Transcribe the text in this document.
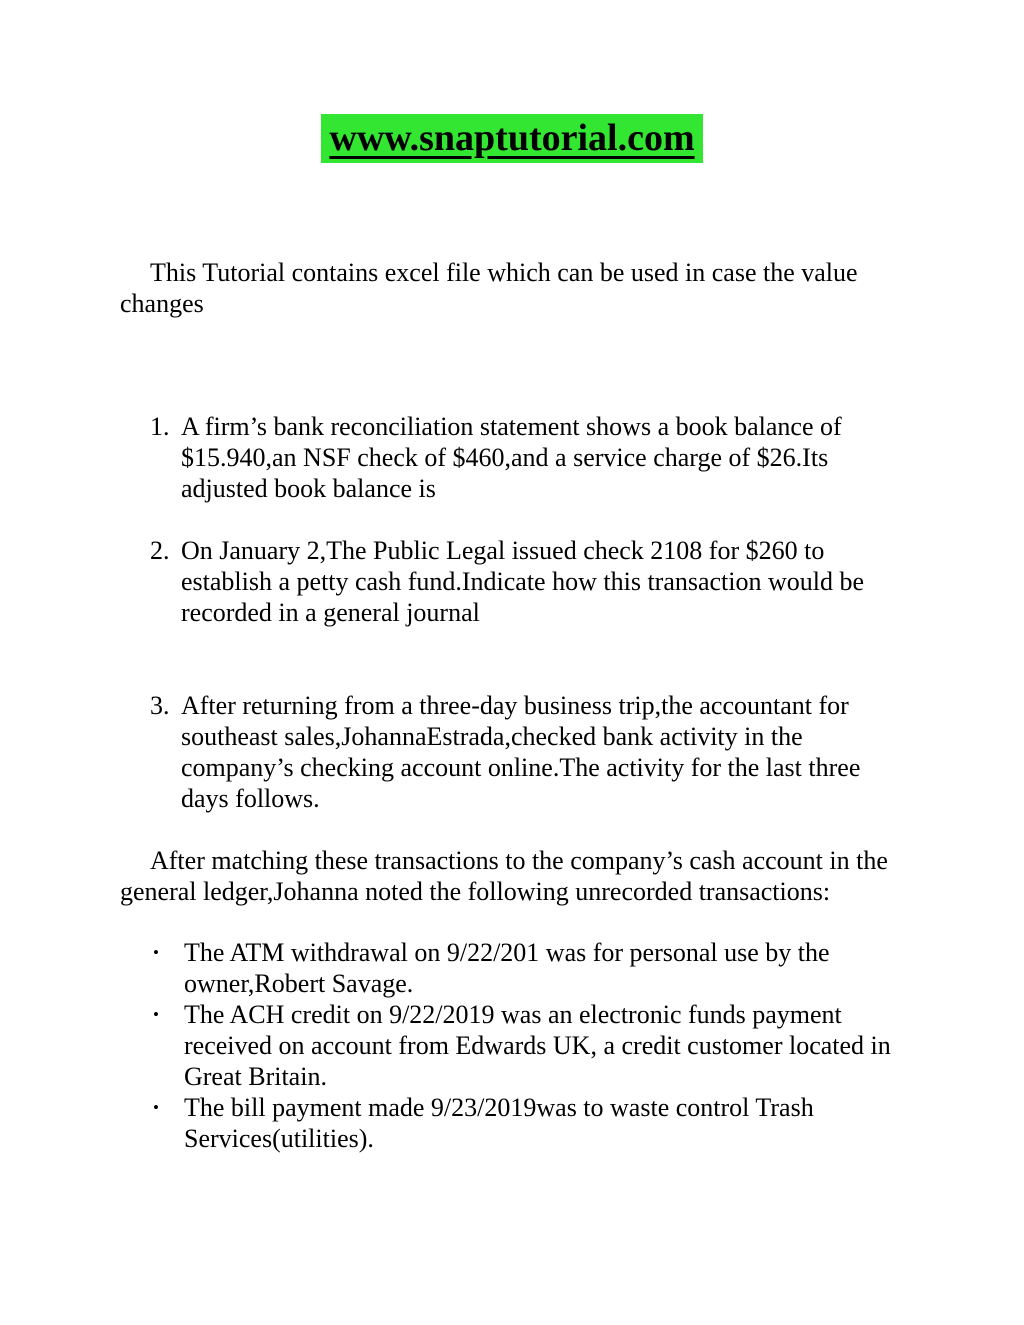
www.snaptutorial.com
This Tutorial contains excel file which can be used in case the value changes
1. A firm’s bank reconciliation statement shows a book balance of $15.940,an NSF check of $460,and a service charge of $26.Its adjusted book balance is
2. On January 2,The Public Legal issued check 2108 for $260 to establish a petty cash fund.Indicate how this transaction would be recorded in a general journal
3. After returning from a three-day business trip,the accountant for southeast sales,JohannaEstrada,checked bank activity in the company’s checking account online.The activity for the last three days follows.
After matching these transactions to the company’s cash account in the general ledger,Johanna noted the following unrecorded transactions:
• The ATM withdrawal on 9/22/201 was for personal use by the owner,Robert Savage.
• The ACH credit on 9/22/2019 was an electronic funds payment received on account from Edwards UK, a credit customer located in Great Britain.
• The bill payment made 9/23/2019was to waste control Trash Services(utilities).
